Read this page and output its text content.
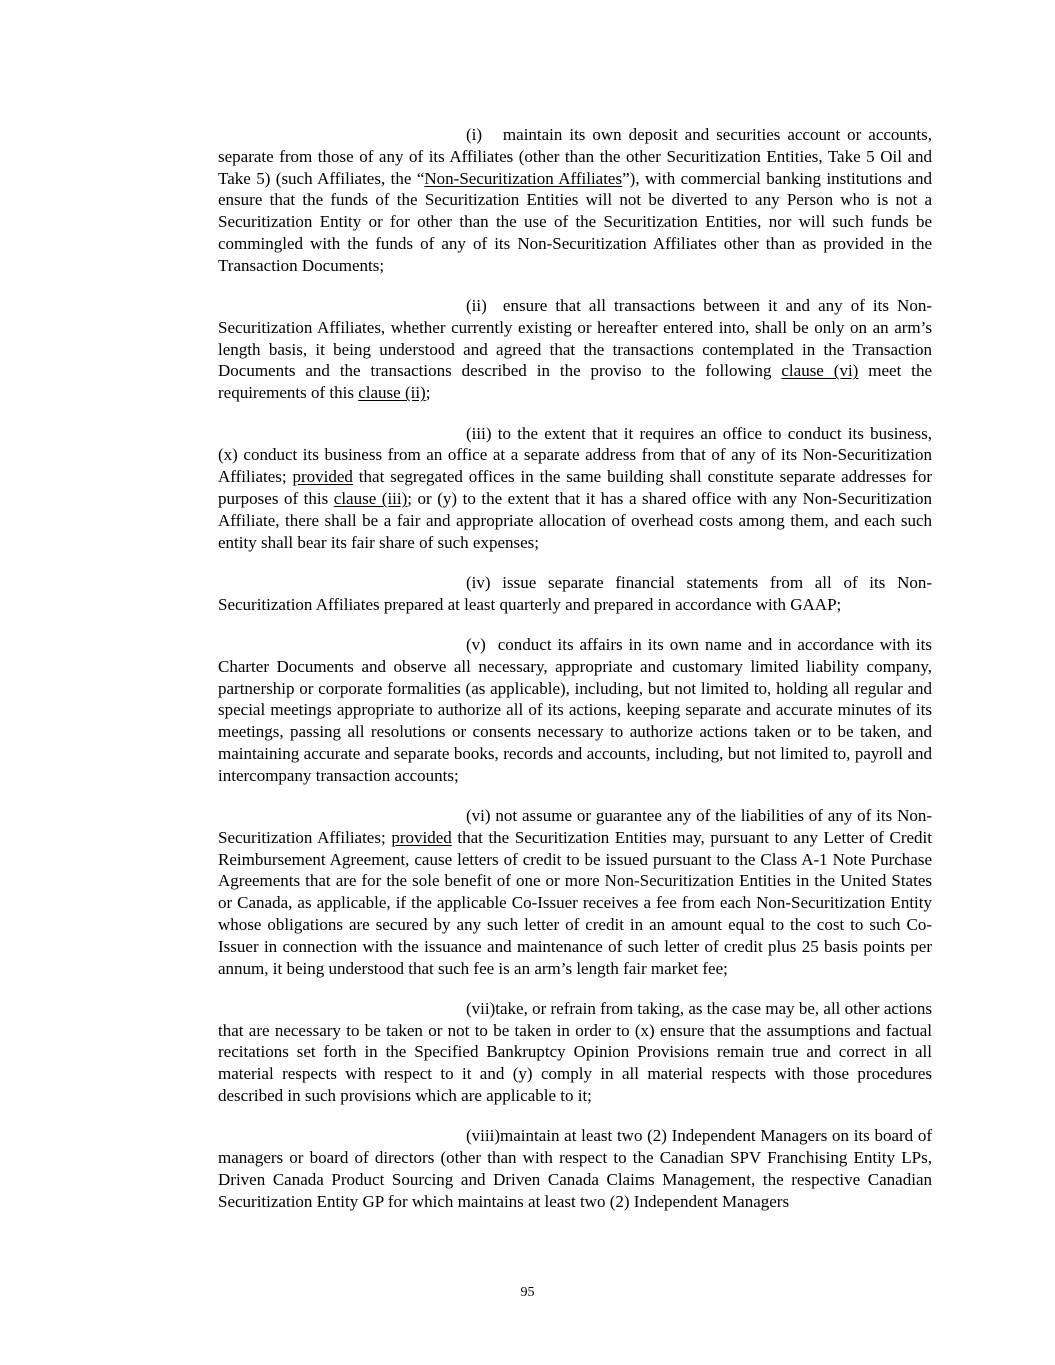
(i) maintain its own deposit and securities account or accounts, separate from those of any of its Affiliates (other than the other Securitization Entities, Take 5 Oil and Take 5) (such Affiliates, the “Non-Securitization Affiliates”), with commercial banking institutions and ensure that the funds of the Securitization Entities will not be diverted to any Person who is not a Securitization Entity or for other than the use of the Securitization Entities, nor will such funds be commingled with the funds of any of its Non-Securitization Affiliates other than as provided in the Transaction Documents;

(ii) ensure that all transactions between it and any of its Non-Securitization Affiliates, whether currently existing or hereafter entered into, shall be only on an arm’s length basis, it being understood and agreed that the transactions contemplated in the Transaction Documents and the transactions described in the proviso to the following clause (vi) meet the requirements of this clause (ii);

(iii) to the extent that it requires an office to conduct its business, (x) conduct its business from an office at a separate address from that of any of its Non-Securitization Affiliates; provided that segregated offices in the same building shall constitute separate addresses for purposes of this clause (iii); or (y) to the extent that it has a shared office with any Non-Securitization Affiliate, there shall be a fair and appropriate allocation of overhead costs among them, and each such entity shall bear its fair share of such expenses;

(iv) issue separate financial statements from all of its Non-Securitization Affiliates prepared at least quarterly and prepared in accordance with GAAP;

(v) conduct its affairs in its own name and in accordance with its Charter Documents and observe all necessary, appropriate and customary limited liability company, partnership or corporate formalities (as applicable), including, but not limited to, holding all regular and special meetings appropriate to authorize all of its actions, keeping separate and accurate minutes of its meetings, passing all resolutions or consents necessary to authorize actions taken or to be taken, and maintaining accurate and separate books, records and accounts, including, but not limited to, payroll and intercompany transaction accounts;

(vi) not assume or guarantee any of the liabilities of any of its Non-Securitization Affiliates; provided that the Securitization Entities may, pursuant to any Letter of Credit Reimbursement Agreement, cause letters of credit to be issued pursuant to the Class A-1 Note Purchase Agreements that are for the sole benefit of one or more Non-Securitization Entities in the United States or Canada, as applicable, if the applicable Co-Issuer receives a fee from each Non-Securitization Entity whose obligations are secured by any such letter of credit in an amount equal to the cost to such Co-Issuer in connection with the issuance and maintenance of such letter of credit plus 25 basis points per annum, it being understood that such fee is an arm’s length fair market fee;

(vii)take, or refrain from taking, as the case may be, all other actions that are necessary to be taken or not to be taken in order to (x) ensure that the assumptions and factual recitations set forth in the Specified Bankruptcy Opinion Provisions remain true and correct in all material respects with respect to it and (y) comply in all material respects with those procedures described in such provisions which are applicable to it;

(viii)maintain at least two (2) Independent Managers on its board of managers or board of directors (other than with respect to the Canadian SPV Franchising Entity LPs, Driven Canada Product Sourcing and Driven Canada Claims Management, the respective Canadian Securitization Entity GP for which maintains at least two (2) Independent Managers

95
